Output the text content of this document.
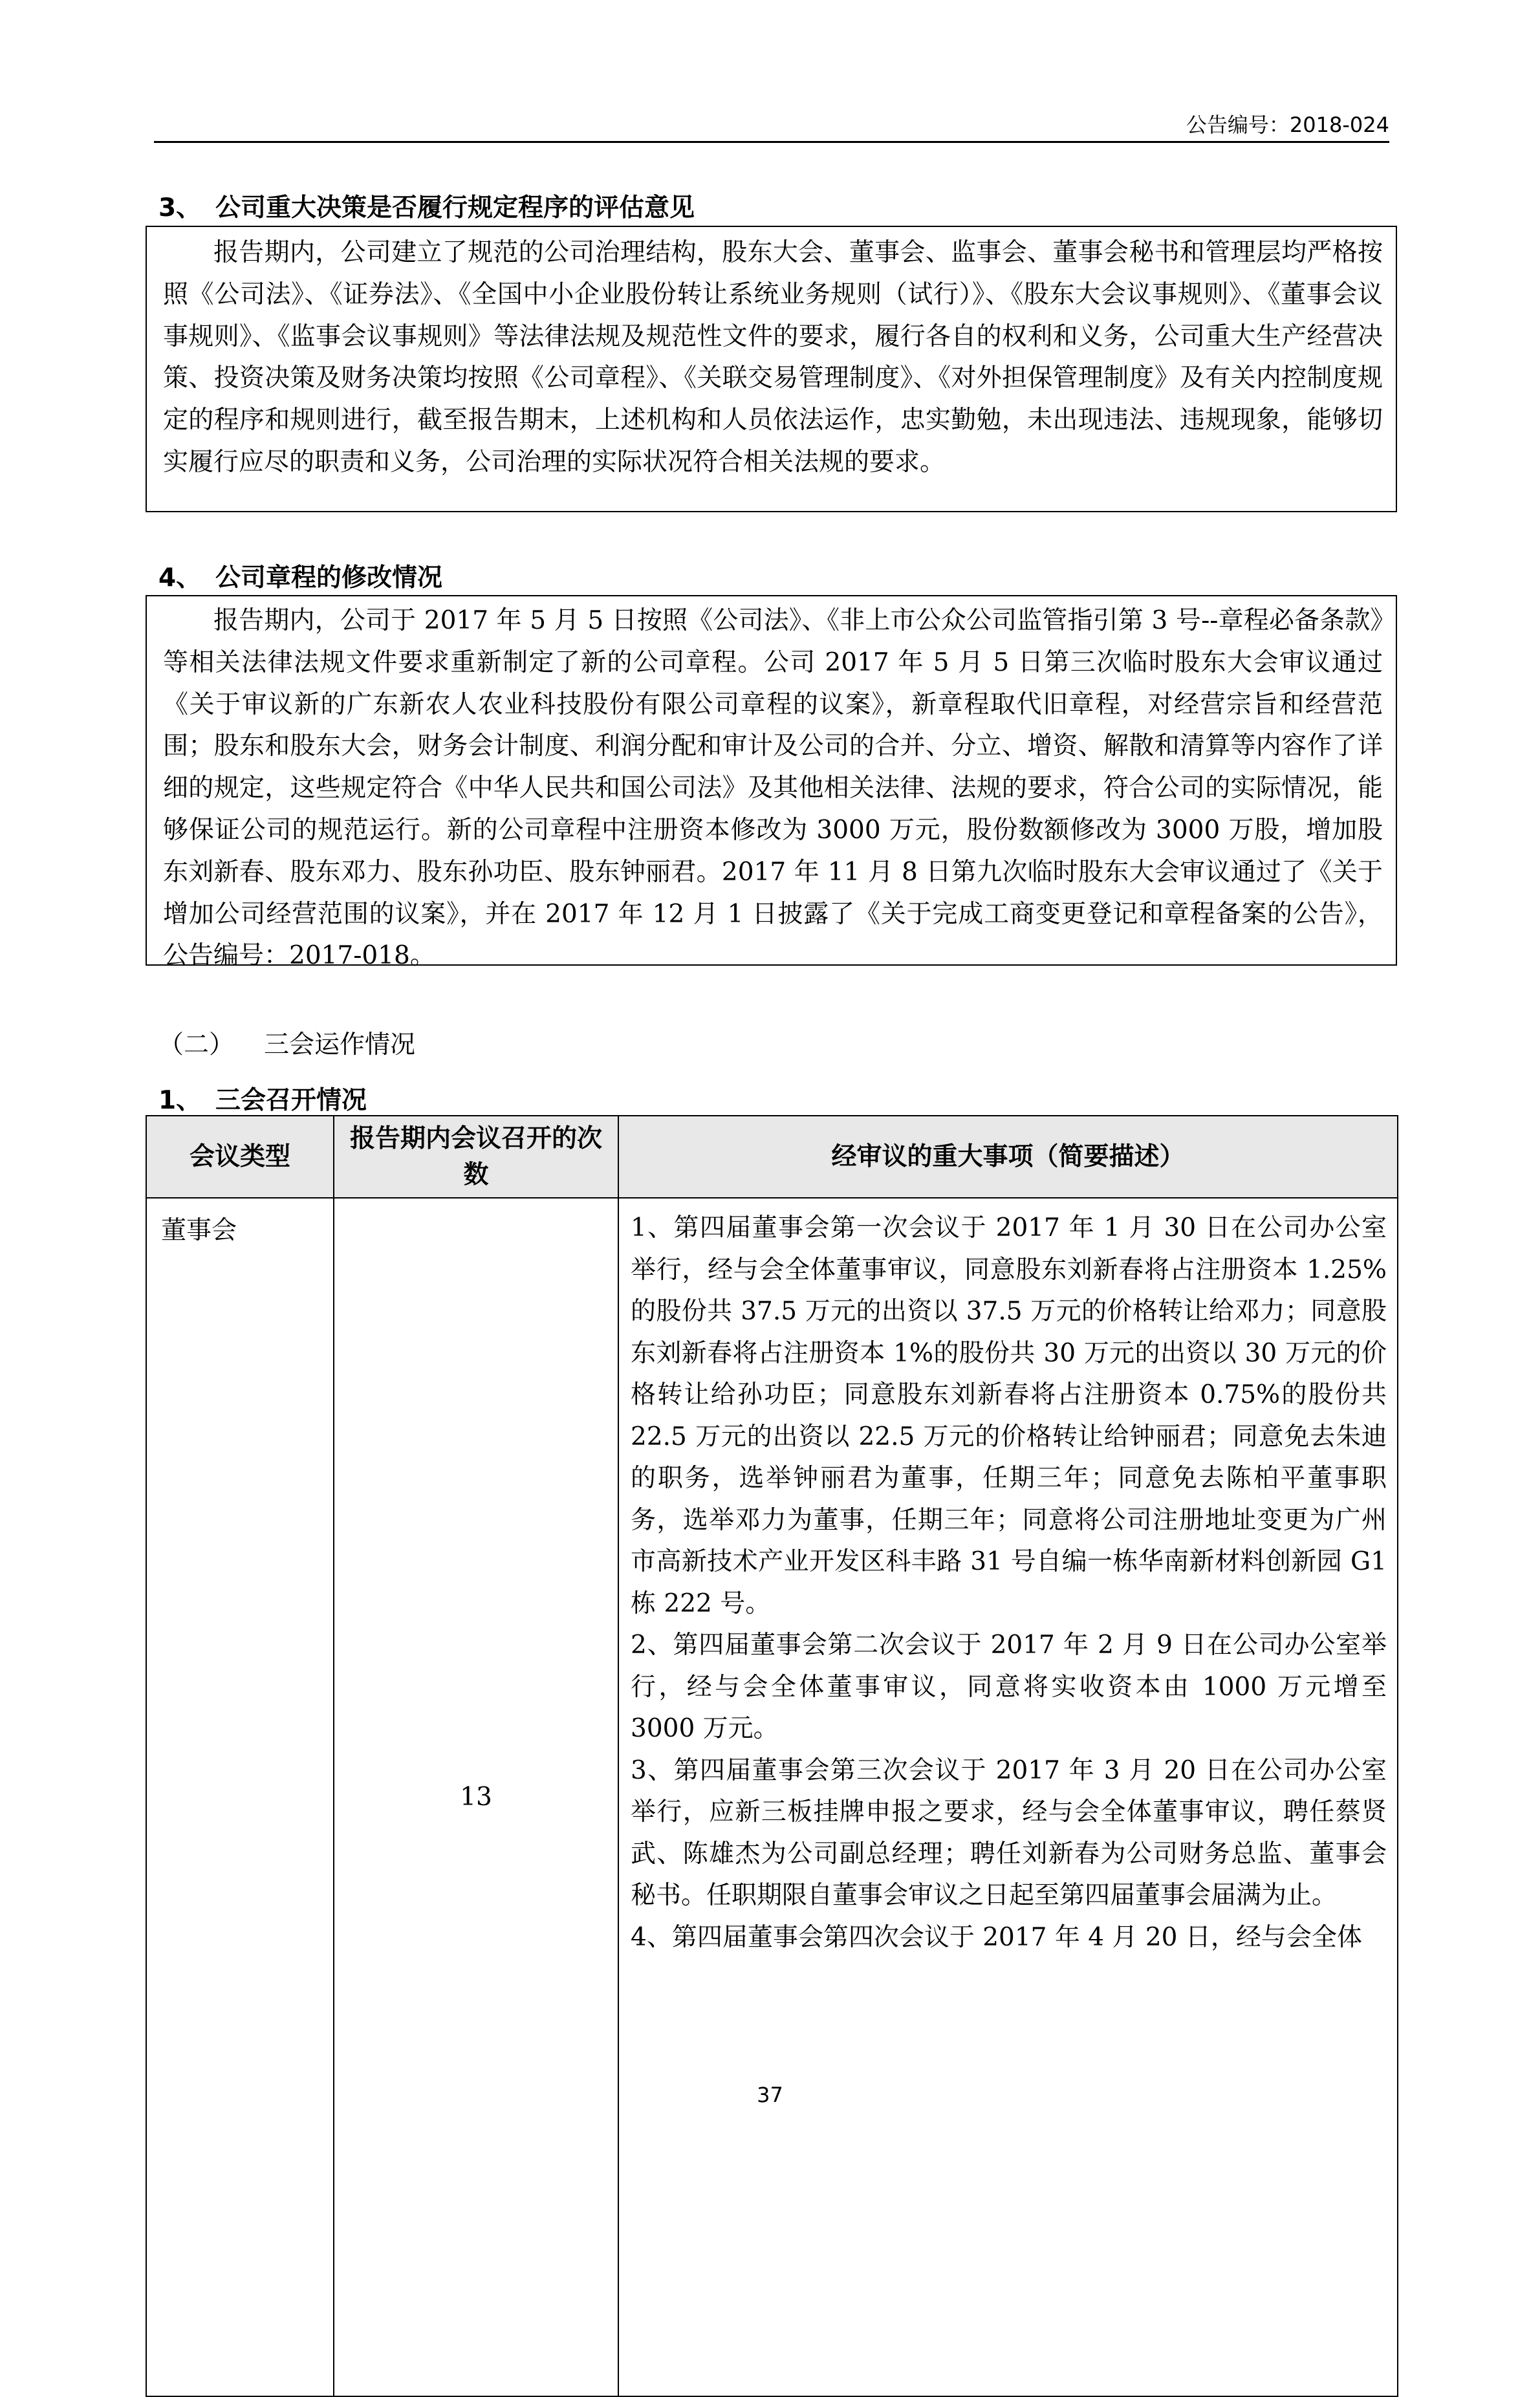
公告编号：2018-024
3、 公司重大决策是否履行规定程序的评估意见

报告期内，公司建立了规范的公司治理结构，股东大会、董事会、监事会、董事会秘书和管理层均严格按照《公司法》、《证券法》、《全国中小企业股份转让系统业务规则（试行）》、《股东大会议事规则》、《董事会议事规则》、《监事会议事规则》等法律法规及规范性文件的要求，履行各自的权利和义务，公司重大生产经营决策、投资决策及财务决策均按照《公司章程》、《关联交易管理制度》、《对外担保管理制度》及有关内控制度规定的程序和规则进行，截至报告期末，上述机构和人员依法运作，忠实勤勉，未出现违法、违规现象，能够切实履行应尽的职责和义务，公司治理的实际状况符合相关法规的要求。

4、 公司章程的修改情况

报告期内，公司于 2017 年 5 月 5 日按照《公司法》、《非上市公众公司监管指引第 3 号--章程必备条款》等相关法律法规文件要求重新制定了新的公司章程。公司 2017 年 5 月 5 日第三次临时股东大会审议通过《关于审议新的广东新农人农业科技股份有限公司章程的议案》，新章程取代旧章程，对经营宗旨和经营范围；股东和股东大会，财务会计制度、利润分配和审计及公司的合并、分立、增资、解散和清算等内容作了详细的规定，这些规定符合《中华人民共和国公司法》及其他相关法律、法规的要求，符合公司的实际情况，能够保证公司的规范运行。新的公司章程中注册资本修改为 3000 万元，股份数额修改为 3000 万股，增加股东刘新春、股东邓力、股东孙功臣、股东钟丽君。2017 年 11 月 8 日第九次临时股东大会审议通过了《关于增加公司经营范围的议案》，并在 2017 年 12 月 1 日披露了《关于完成工商变更登记和章程备案的公告》，公告编号：2017-018。

（二） 三会运作情况
1、 三会召开情况
会议类型	报告期内会议召开的次数	经审议的重大事项（简要描述）
董事会	13	1、第四届董事会第一次会议于 2017 年 1 月 30 日在公司办公室举行，经与会全体董事审议，同意股东刘新春将占注册资本 1.25%的股份共 37.5 万元的出资以 37.5 万元的价格转让给邓力；同意股东刘新春将占注册资本 1%的股份共 30 万元的出资以 30 万元的价格转让给孙功臣；同意股东刘新春将占注册资本 0.75%的股份共 22.5 万元的出资以 22.5 万元的价格转让给钟丽君；同意免去朱迪的职务，选举钟丽君为董事，任期三年；同意免去陈柏平董事职务，选举邓力为董事，任期三年；同意将公司注册地址变更为广州市高新技术产业开发区科丰路 31 号自编一栋华南新材料创新园 G1 栋 222 号。

2、第四届董事会第二次会议于 2017 年 2 月 9 日在公司办公室举行，经与会全体董事审议，同意将实收资本由 1000 万元增至 3000 万元。

3、第四届董事会第三次会议于 2017 年 3 月 20 日在公司办公室举行，应新三板挂牌申报之要求，经与会全体董事审议，聘任蔡贤武、陈雄杰为公司副总经理；聘任刘新春为公司财务总监、董事会秘书。任职期限自董事会审议之日起至第四届董事会届满为止。

4、第四届董事会第四次会议于 2017 年 4 月 20 日，经与会全体

37
